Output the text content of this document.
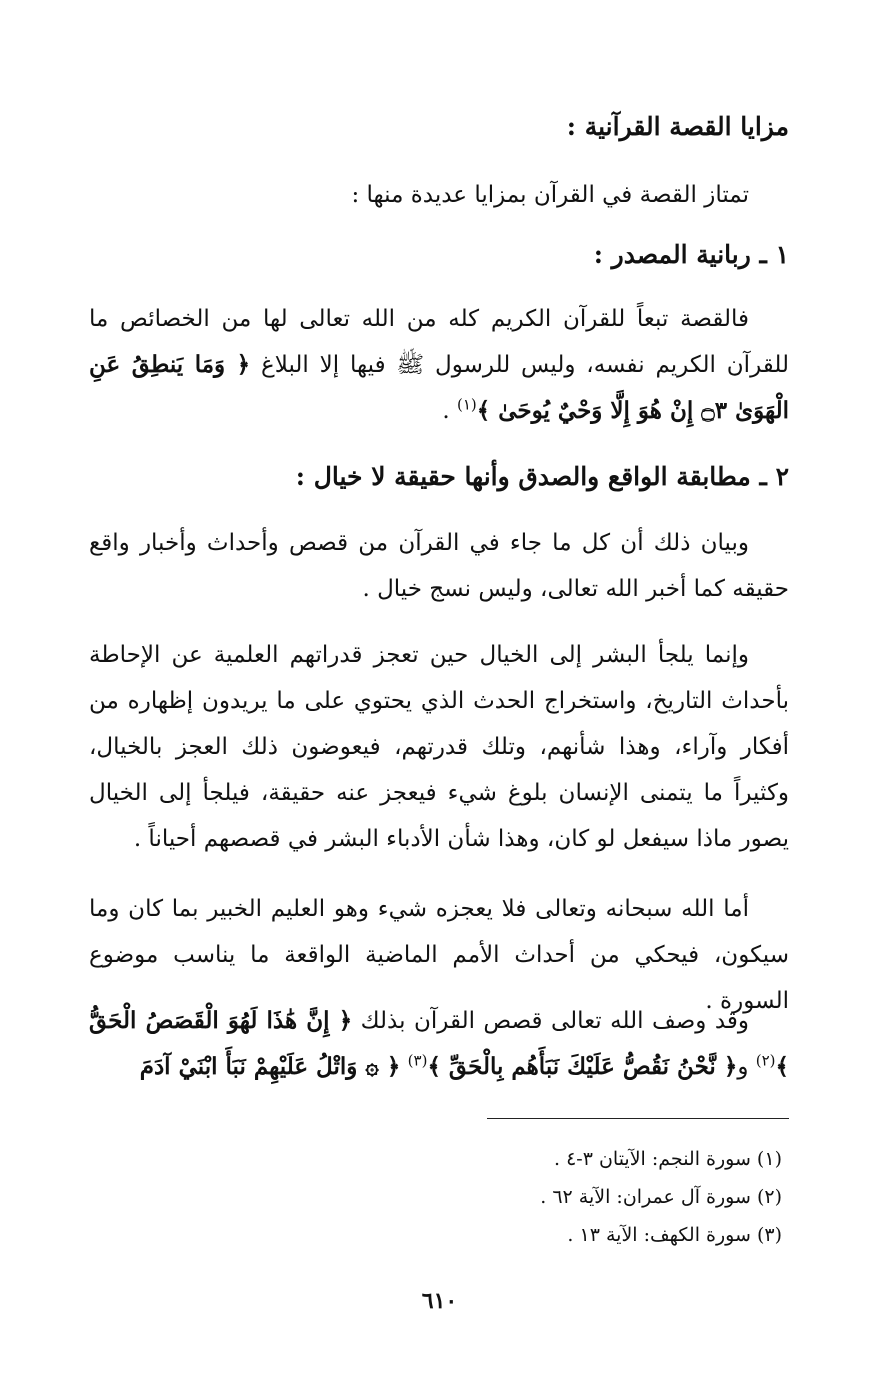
مزايا القصة القرآنية :
تمتاز القصة في القرآن بمزايا عديدة منها :
١ ـ ربانية المصدر :
فالقصة تبعاً للقرآن الكريم كله من الله تعالى لها من الخصائص ما للقرآن الكريم نفسه، وليس للرسول ﷺ فيها إلا البلاغ ﴿ وَمَا يَنطِقُ عَنِ الْهَوَىٰ ۝٣ إِنْ هُوَ إِلَّا وَحْيٌ يُوحَىٰ ﴾$^{(١)}$ .
٢ ـ مطابقة الواقع والصدق وأنها حقيقة لا خيال :
وبيان ذلك أن كل ما جاء في القرآن من قصص وأحداث وأخبار واقع حقيقه كما أخبر الله تعالى، وليس نسج خيال .
وإنما يلجأ البشر إلى الخيال حين تعجز قدراتهم العلمية عن الإحاطة بأحداث التاريخ، واستخراج الحدث الذي يحتوي على ما يريدون إظهاره من أفكار وآراء، وهذا شأنهم، وتلك قدرتهم، فيعوضون ذلك العجز بالخيال، وكثيراً ما يتمنى الإنسان بلوغ شيء فيعجز عنه حقيقة، فيلجأ إلى الخيال يصور ماذا سيفعل لو كان، وهذا شأن الأدباء البشر في قصصهم أحياناً .
أما الله سبحانه وتعالى فلا يعجزه شيء وهو العليم الخبير بما كان وما سيكون، فيحكي من أحداث الأمم الماضية الواقعة ما يناسب موضوع السورة .
وقد وصف الله تعالى قصص القرآن بذلك ﴿ إِنَّ هَٰذَا لَهُوَ الْقَصَصُ الْحَقُّ ﴾$^{(٢)}$ و﴿ نَّحْنُ نَقُصُّ عَلَيْكَ نَبَأَهُم بِالْحَقِّ ﴾$^{(٣)}$ ﴿ ۞ وَاتْلُ عَلَيْهِمْ نَبَأَ ابْنَيْ آدَمَ
(١) سورة النجم: الآيتان ٣-٤ .
(٢) سورة آل عمران: الآية ٦٢ .
(٣) سورة الكهف: الآية ١٣ .
٦١٠
